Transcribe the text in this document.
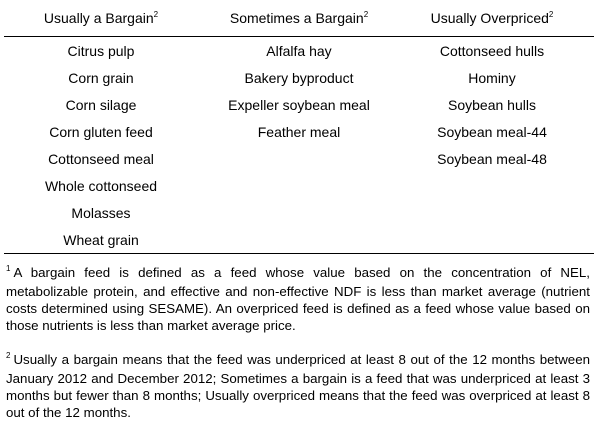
Usually a Bargain$^2$	Sometimes a Bargain$^2$	Usually Overpriced$^2$
Citrus pulp
Corn grain
Corn silage
Corn gluten feed
Cottonseed meal
Whole cottonseed
Molasses
Wheat grain
Alfalfa hay
Bakery byproduct
Expeller soybean meal
Feather meal
Cottonseed hulls
Hominy
Soybean hulls
Soybean meal-44
Soybean meal-48

$^1$ A bargain feed is defined as a feed whose value based on the concentration of NEL, metabolizable protein, and effective and non-effective NDF is less than market average (nutrient costs determined using SESAME). An overpriced feed is defined as a feed whose value based on those nutrients is less than market average price.

$^2$ Usually a bargain means that the feed was underpriced at least 8 out of the 12 months between January 2012 and December 2012; Sometimes a bargain is a feed that was underpriced at least 3 months but fewer than 8 months; Usually overpriced means that the feed was overpriced at least 8 out of the 12 months.
